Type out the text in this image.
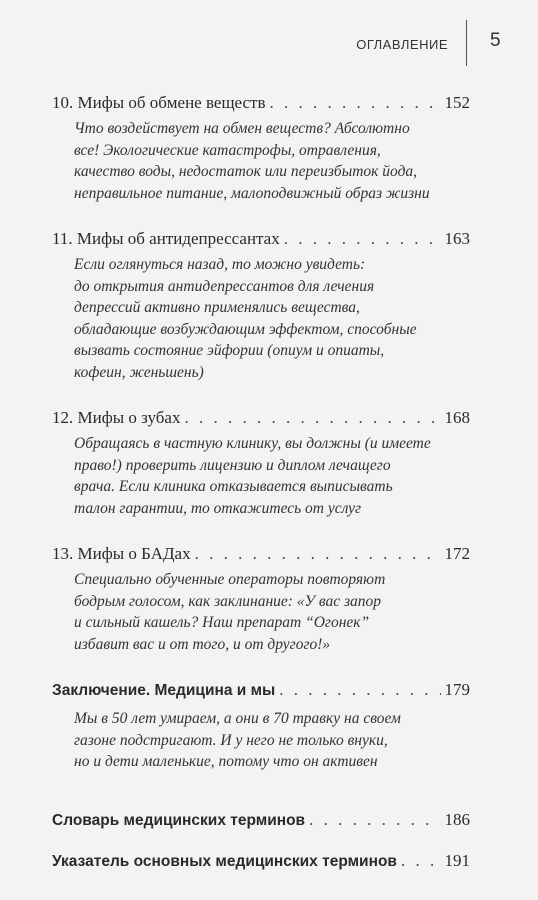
ОГЛАВЛЕНИЕ 5
10. Мифы об обмене веществ . . .	152
Что воздействует на обмен веществ? Абсолютно
все! Экологические катастрофы, отравления,
качество воды, недостаток или переизбыток йода,
неправильное питание, малоподвижный образ жизни
11. Мифы об антидепрессантах . . .	163
Если оглянуться назад, то можно увидеть:
до открытия антидепрессантов для лечения
депрессий активно применялись вещества,
обладающие возбуждающим эффектом, способные
вызвать состояние эйфории (опиум и опиаты,
кофеин, женьшень)
12. Мифы о зубах . . .	168
Обращаясь в частную клинику, вы должны (и имеете
право!) проверить лицензию и диплом лечащего
врача. Если клиника отказывается выписывать
талон гарантии, то откажитесь от услуг
13. Мифы о БАДах . . .	172
Специально обученные операторы повторяют
бодрым голосом, как заклинание: «У вас запор
и сильный кашель? Наш препарат “Огонек”
избавит вас и от того, и от другого!»
Заключение. Медицина и мы . . .	179
Мы в 50 лет умираем, а они в 70 травку на своем
газоне подстригают. И у него не только внуки,
но и дети маленькие, потому что он активен
Словарь медицинских терминов . . .	186
Указатель основных медицинских терминов . . .	191
